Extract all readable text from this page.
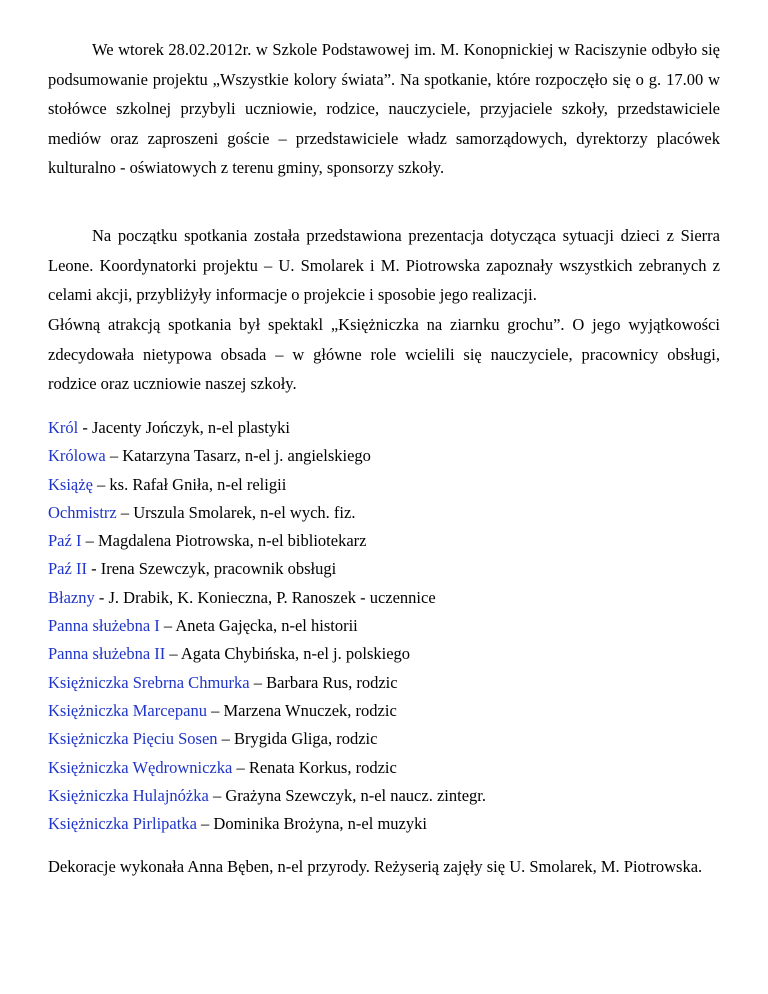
We wtorek 28.02.2012r. w Szkole Podstawowej im. M. Konopnickiej w Raciszynie odbyło się podsumowanie projektu „Wszystkie kolory świata”. Na spotkanie, które rozpoczęło się o g. 17.00 w stołówce szkolnej przybyli uczniowie, rodzice, nauczyciele, przyjaciele szkoły, przedstawiciele mediów oraz zaproszeni goście – przedstawiciele władz samorządowych, dyrektorzy placówek kulturalno - oświatowych z terenu gminy, sponsorzy szkoły.

Na początku spotkania została przedstawiona prezentacja dotycząca sytuacji dzieci z Sierra Leone. Koordynatorki projektu – U. Smolarek i M. Piotrowska zapoznały wszystkich zebranych z celami akcji, przybliżyły informacje o projekcie i sposobie jego realizacji.

Główną atrakcją spotkania był spektakl „Księżniczka na ziarnku grochu”. O jego wyjątkowości zdecydowała nietypowa obsada – w główne role wcielili się nauczyciele, pracownicy obsługi, rodzice oraz uczniowie naszej szkoły.

Król - Jacenty Jończyk, n-el plastyki
Królowa – Katarzyna Tasarz, n-el j. angielskiego
Książę – ks. Rafał Gniła, n-el religii
Ochmistrz – Urszula Smolarek, n-el wych. fiz.
Paź I – Magdalena Piotrowska, n-el bibliotekarz
Paź II - Irena Szewczyk, pracownik obsługi
Błazny - J. Drabik, K. Konieczna, P. Ranoszek - uczennice
Panna służebna I – Aneta Gajęcka, n-el historii
Panna służebna II – Agata Chybińska, n-el j. polskiego
Księżniczka Srebrna Chmurka – Barbara Rus, rodzic
Księżniczka Marcepanu – Marzena Wnuczek, rodzic
Księżniczka Pięciu Sosen – Brygida Gliga, rodzic
Księżniczka Wędrowniczka – Renata Korkus, rodzic
Księżniczka Hulajnóżka – Grażyna Szewczyk, n-el naucz. zintegr.
Księżniczka Pirlipatka – Dominika Brożyna, n-el muzyki

Dekoracje wykonała Anna Bęben, n-el przyrody. Reżyserią zajęły się U. Smolarek, M. Piotrowska.
